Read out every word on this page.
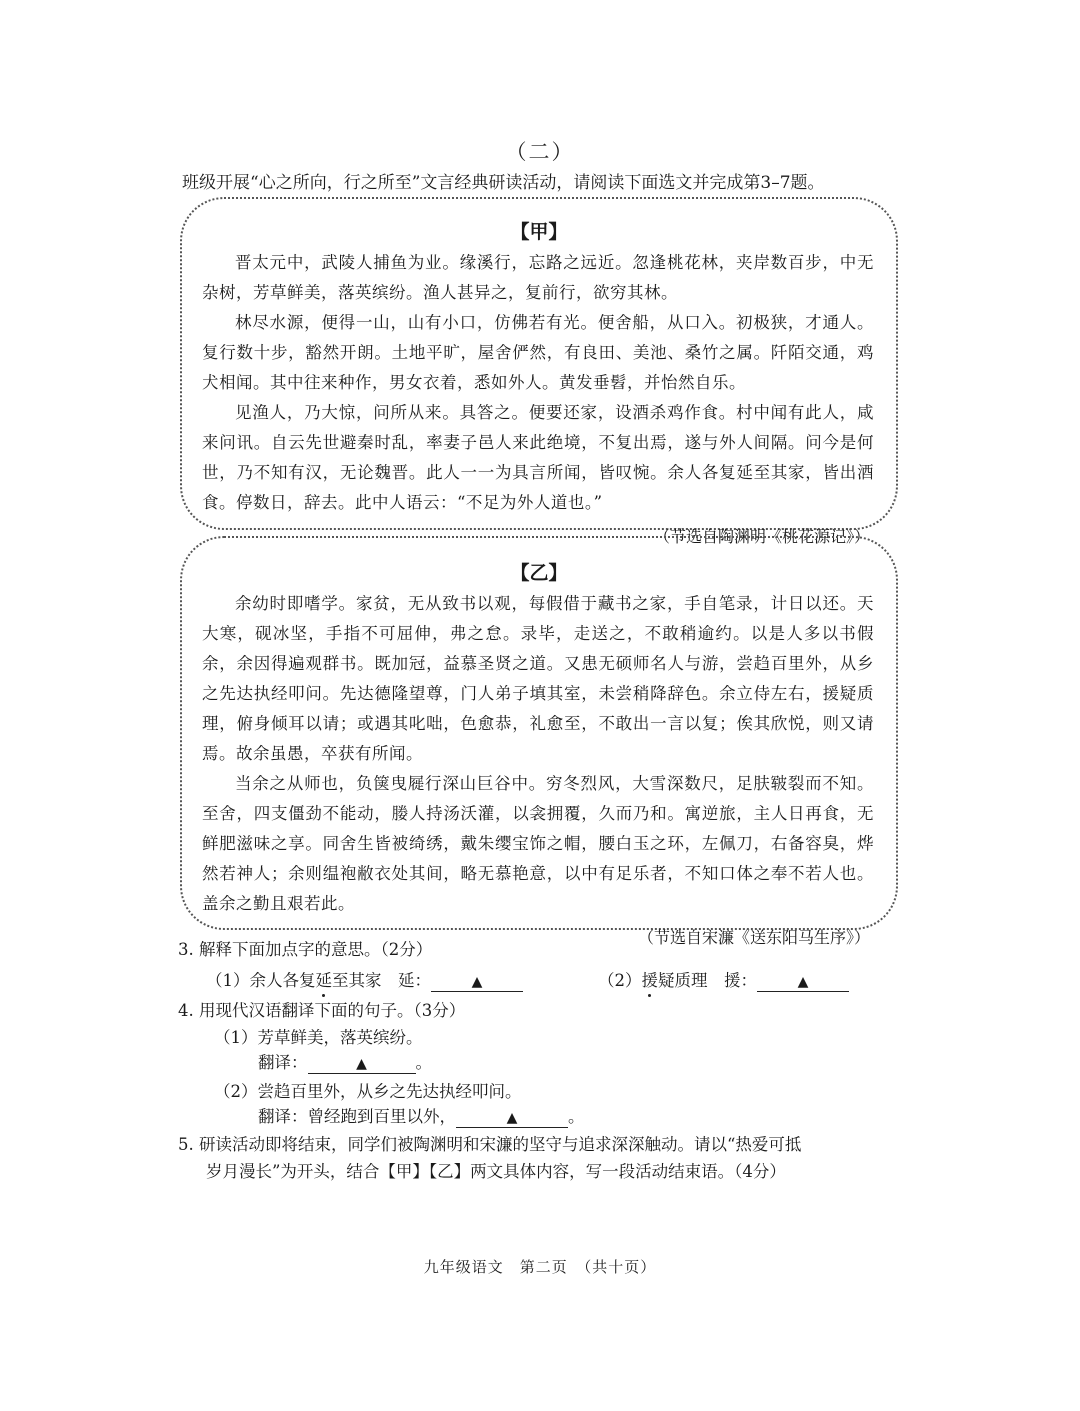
（二）
班级开展“心之所向，行之所至”文言经典研读活动，请阅读下面选文并完成第3–7题。
【甲】

晋太元中，武陵人捕鱼为业。缘溪行，忘路之远近。忽逢桃花林，夹岸数百步，中无杂树，芳草鲜美，落英缤纷。渔人甚异之，复前行，欲穷其林。

林尽水源，便得一山，山有小口，仿佛若有光。便舍船，从口入。初极狭，才通人。复行数十步，豁然开朗。土地平旷，屋舍俨然，有良田、美池、桑竹之属。阡陌交通，鸡犬相闻。其中往来种作，男女衣着，悉如外人。黄发垂髫，并怡然自乐。

见渔人，乃大惊，问所从来。具答之。便要还家，设酒杀鸡作食。村中闻有此人，咸来问讯。自云先世避秦时乱，率妻子邑人来此绝境，不复出焉，遂与外人间隔。问今是何世，乃不知有汉，无论魏晋。此人一一为具言所闻，皆叹惋。余人各复延至其家，皆出酒食。停数日，辞去。此中人语云：“不足为外人道也。”

（节选自陶渊明《桃花源记》）
【乙】

余幼时即嗜学。家贫，无从致书以观，每假借于藏书之家，手自笔录，计日以还。天大寒，砚冰坚，手指不可屈伸，弗之怠。录毕，走送之，不敢稍逾约。以是人多以书假余，余因得遍观群书。既加冠，益慕圣贤之道。又患无硕师名人与游，尝趋百里外，从乡之先达执经叩问。先达德隆望尊，门人弟子填其室，未尝稍降辞色。余立侍左右，援疑质理，俯身倾耳以请；或遇其叱咄，色愈恭，礼愈至，不敢出一言以复；俟其欣悦，则又请焉。故余虽愚，卒获有所闻。

当余之从师也，负箧曳屣行深山巨谷中。穷冬烈风，大雪深数尺，足肤皲裂而不知。至舍，四支僵劲不能动，媵人持汤沃灌，以衾拥覆，久而乃和。寓逆旅，主人日再食，无鲜肥滋味之享。同舍生皆被绮绣，戴朱缨宝饰之帽，腰白玉之环，左佩刀，右备容臭，烨然若神人；余则缊袍敝衣处其间，略无慕艳意，以中有足乐者，不知口体之奉不若人也。盖余之勤且艰若此。

（节选自宋濂《送东阳马生序》）
3. 解释下面加点字的意思。（2分）
（1）余人各复延至其家　延：	▲	（2）援疑质理　援：	▲
4. 用现代汉语翻译下面的句子。（3分）
（1）芳草鲜美，落英缤纷。
翻译：	▲	。
（2）尝趋百里外，从乡之先达执经叩问。
翻译：曾经跑到百里以外，	▲	。
5. 研读活动即将结束，同学们被陶渊明和宋濂的坚守与追求深深触动。请以“热爱可抵
岁月漫长”为开头，结合【甲】【乙】两文具体内容，写一段活动结束语。（4分）
九年级语文　第二页　（共十页）
